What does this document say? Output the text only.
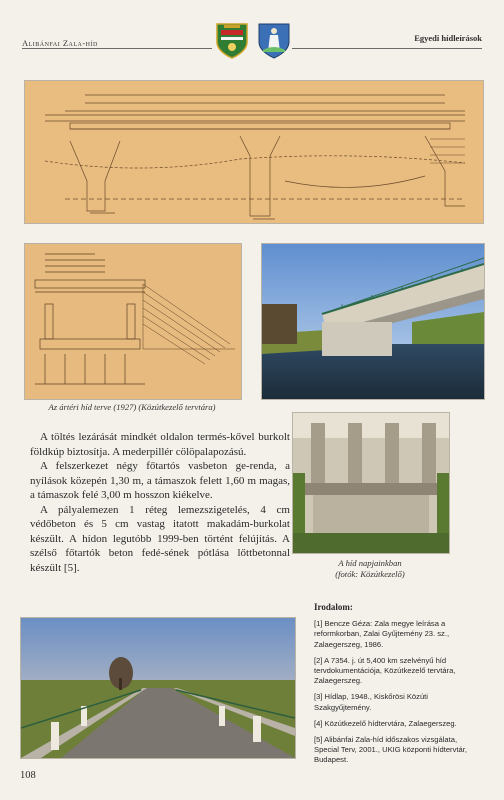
Alibánfai Zala-híd	Egyedi hídleírások
Az ártéri híd terve (1927) (Közútkezelő tervtára)
A híd napjainkban
(fotók: Közútkezelő)

A töltés lezárását mindkét oldalon termés-kővel burkolt földkúp biztosítja. A mederpillér cölöpalapozású.

A felszerkezet négy főtartós vasbeton ge-renda, a nyílások közepén 1,30 m, a támaszok felett 1,60 m magas, a támaszok felé 3,00 m hosszon kiékelve.

A pályalemezen 1 réteg lemezszigetelés, 4 cm védőbeton és 5 cm vastag itatott makadám-burkolat készült. A hídon legutóbb 1999-ben történt felújítás. A szélső főtartók beton fedé-sének pótlása lőttbetonnal készült [5].

Irodalom:
[1] Bencze Géza: Zala megye leírása a reformkorban, Zalai Gyűjtemény 23. sz., Zalaegerszeg, 1986.
[2] A 7354. j. út 5,400 km szelvényű híd tervdokumentációja, Közútkezelő tervtára, Zalaegerszeg.
[3] Hídlap, 1948., Kiskőrösi Közúti Szakgyűjtemény.
[4] Közútkezelő hídtervtára, Zalaegerszeg.
[5] Alibánfai Zala-híd időszakos vizsgálata, Special Terv, 2001., UKIG központi hídtervtár, Budapest.
108
